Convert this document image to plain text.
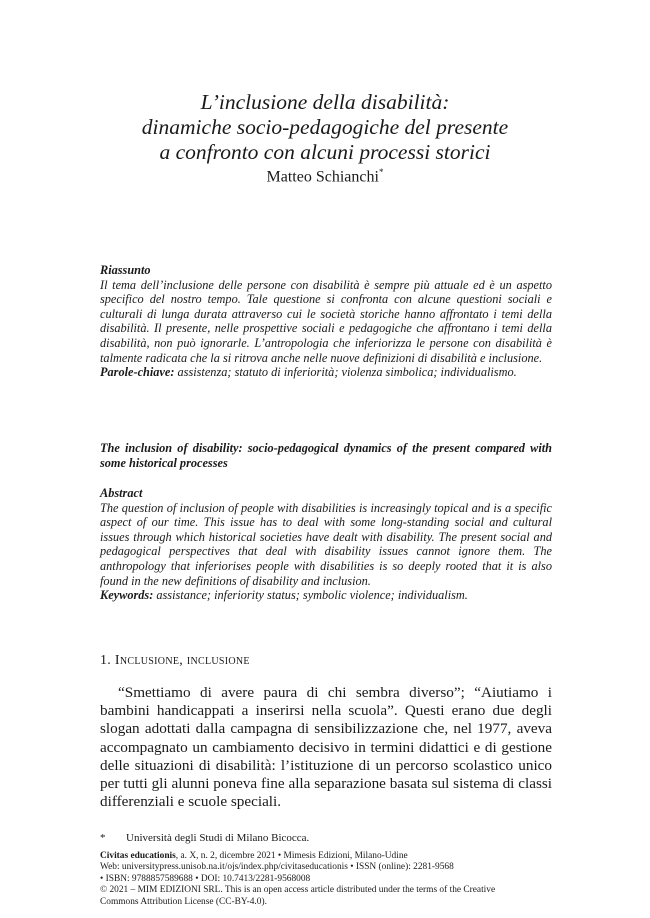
L’inclusione della disabilità:
dinamiche socio-pedagogiche del presente
a confronto con alcuni processi storici
Matteo Schianchi*
Riassunto
Il tema dell’inclusione delle persone con disabilità è sempre più attuale ed è un aspetto specifico del nostro tempo. Tale questione si confronta con alcune questioni sociali e culturali di lunga durata attraverso cui le società storiche hanno affrontato i temi della disabilità. Il presente, nelle prospettive sociali e pedagogiche che affrontano i temi della disabilità, non può ignorarle. L’antropologia che inferiorizza le persone con disabilità è talmente radicata che la si ritrova anche nelle nuove definizioni di disabilità e inclusione.
Parole-chiave: assistenza; statuto di inferiorità; violenza simbolica; individualismo.
The inclusion of disability: socio-pedagogical dynamics of the present compared with some historical processes
Abstract
The question of inclusion of people with disabilities is increasingly topical and is a specific aspect of our time. This issue has to deal with some long-standing social and cultural issues through which historical societies have dealt with disability. The present social and pedagogical perspectives that deal with disability issues cannot ignore them. The anthropology that inferiorises people with disabilities is so deeply rooted that it is also found in the new definitions of disability and inclusion.
Keywords: assistance; inferiority status; symbolic violence; individualism.
1. Inclusione, inclusione
“Smettiamo di avere paura di chi sembra diverso”; “Aiutiamo i bambini handicappati a inserirsi nella scuola”. Questi erano due degli slogan adottati dalla campagna di sensibilizzazione che, nel 1977, aveva accompagnato un cambiamento decisivo in termini didattici e di gestione delle situazioni di disabilità: l’istituzione di un percorso scolastico unico per tutti gli alunni poneva fine alla separazione basata sul sistema di classi differenziali e scuole speciali.
* Università degli Studi di Milano Bicocca.
Civitas educationis, a. X, n. 2, dicembre 2021 • Mimesis Edizioni, Milano-Udine
Web: universitypress.unisob.na.it/ojs/index.php/civitaseducationis • ISSN (online): 2281-9568
• ISBN: 9788857589688 • DOI: 10.7413/2281-9568008
© 2021 – MIM EDIZIONI SRL. This is an open access article distributed under the terms of the Creative
Commons Attribution License (CC-BY-4.0).
